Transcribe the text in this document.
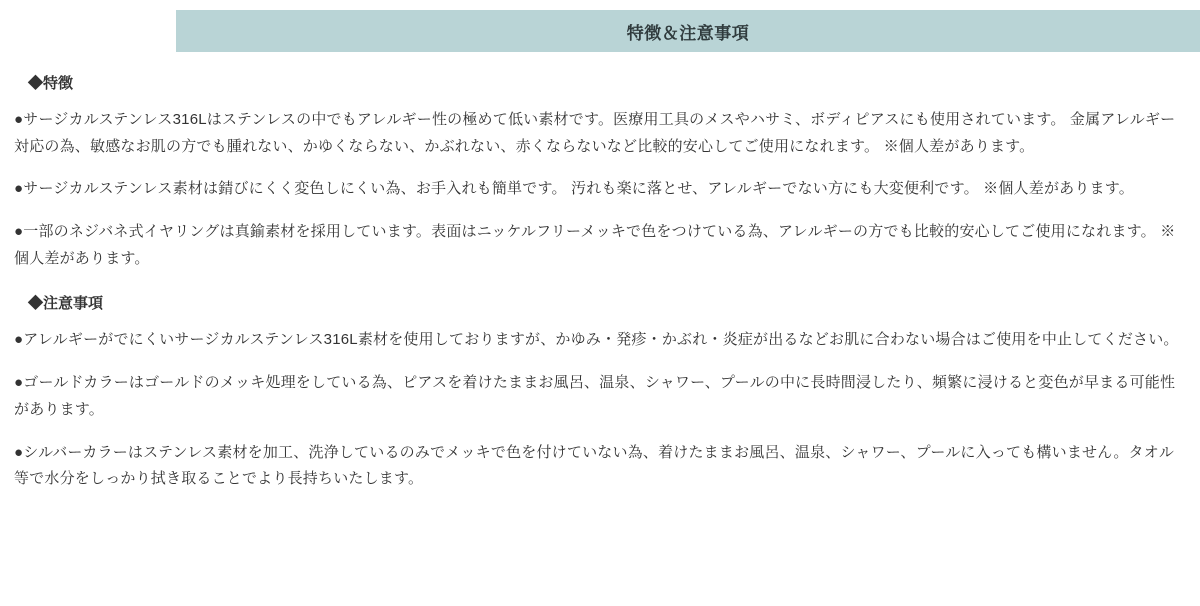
特徴＆注意事項
◆特徴

●サージカルステンレス316Lはステンレスの中でもアレルギー性の極めて低い素材です。医療用工具のメスやハサミ、ボディピアスにも使用されています。 金属アレルギー対応の為、敏感なお肌の方でも腫れない、かゆくならない、かぶれない、赤くならないなど比較的安心してご使用になれます。 ※個人差があります。

●サージカルステンレス素材は錆びにくく変色しにくい為、お手入れも簡単です。 汚れも楽に落とせ、アレルギーでない方にも大変便利です。 ※個人差があります。

●一部のネジバネ式イヤリングは真鍮素材を採用しています。表面はニッケルフリーメッキで色をつけている為、アレルギーの方でも比較的安心してご使用になれます。 ※個人差があります。

◆注意事項

●アレルギーがでにくいサージカルステンレス316L素材を使用しておりますが、かゆみ・発疹・かぶれ・炎症が出るなどお肌に合わない場合はご使用を中止してください。

●ゴールドカラーはゴールドのメッキ処理をしている為、ピアスを着けたままお風呂、温泉、シャワー、プールの中に長時間浸したり、頻繁に浸けると変色が早まる可能性があります。

●シルバーカラーはステンレス素材を加工、洗浄しているのみでメッキで色を付けていない為、着けたままお風呂、温泉、シャワー、プールに入っても構いません。タオル等で水分をしっかり拭き取ることでより長持ちいたします。
